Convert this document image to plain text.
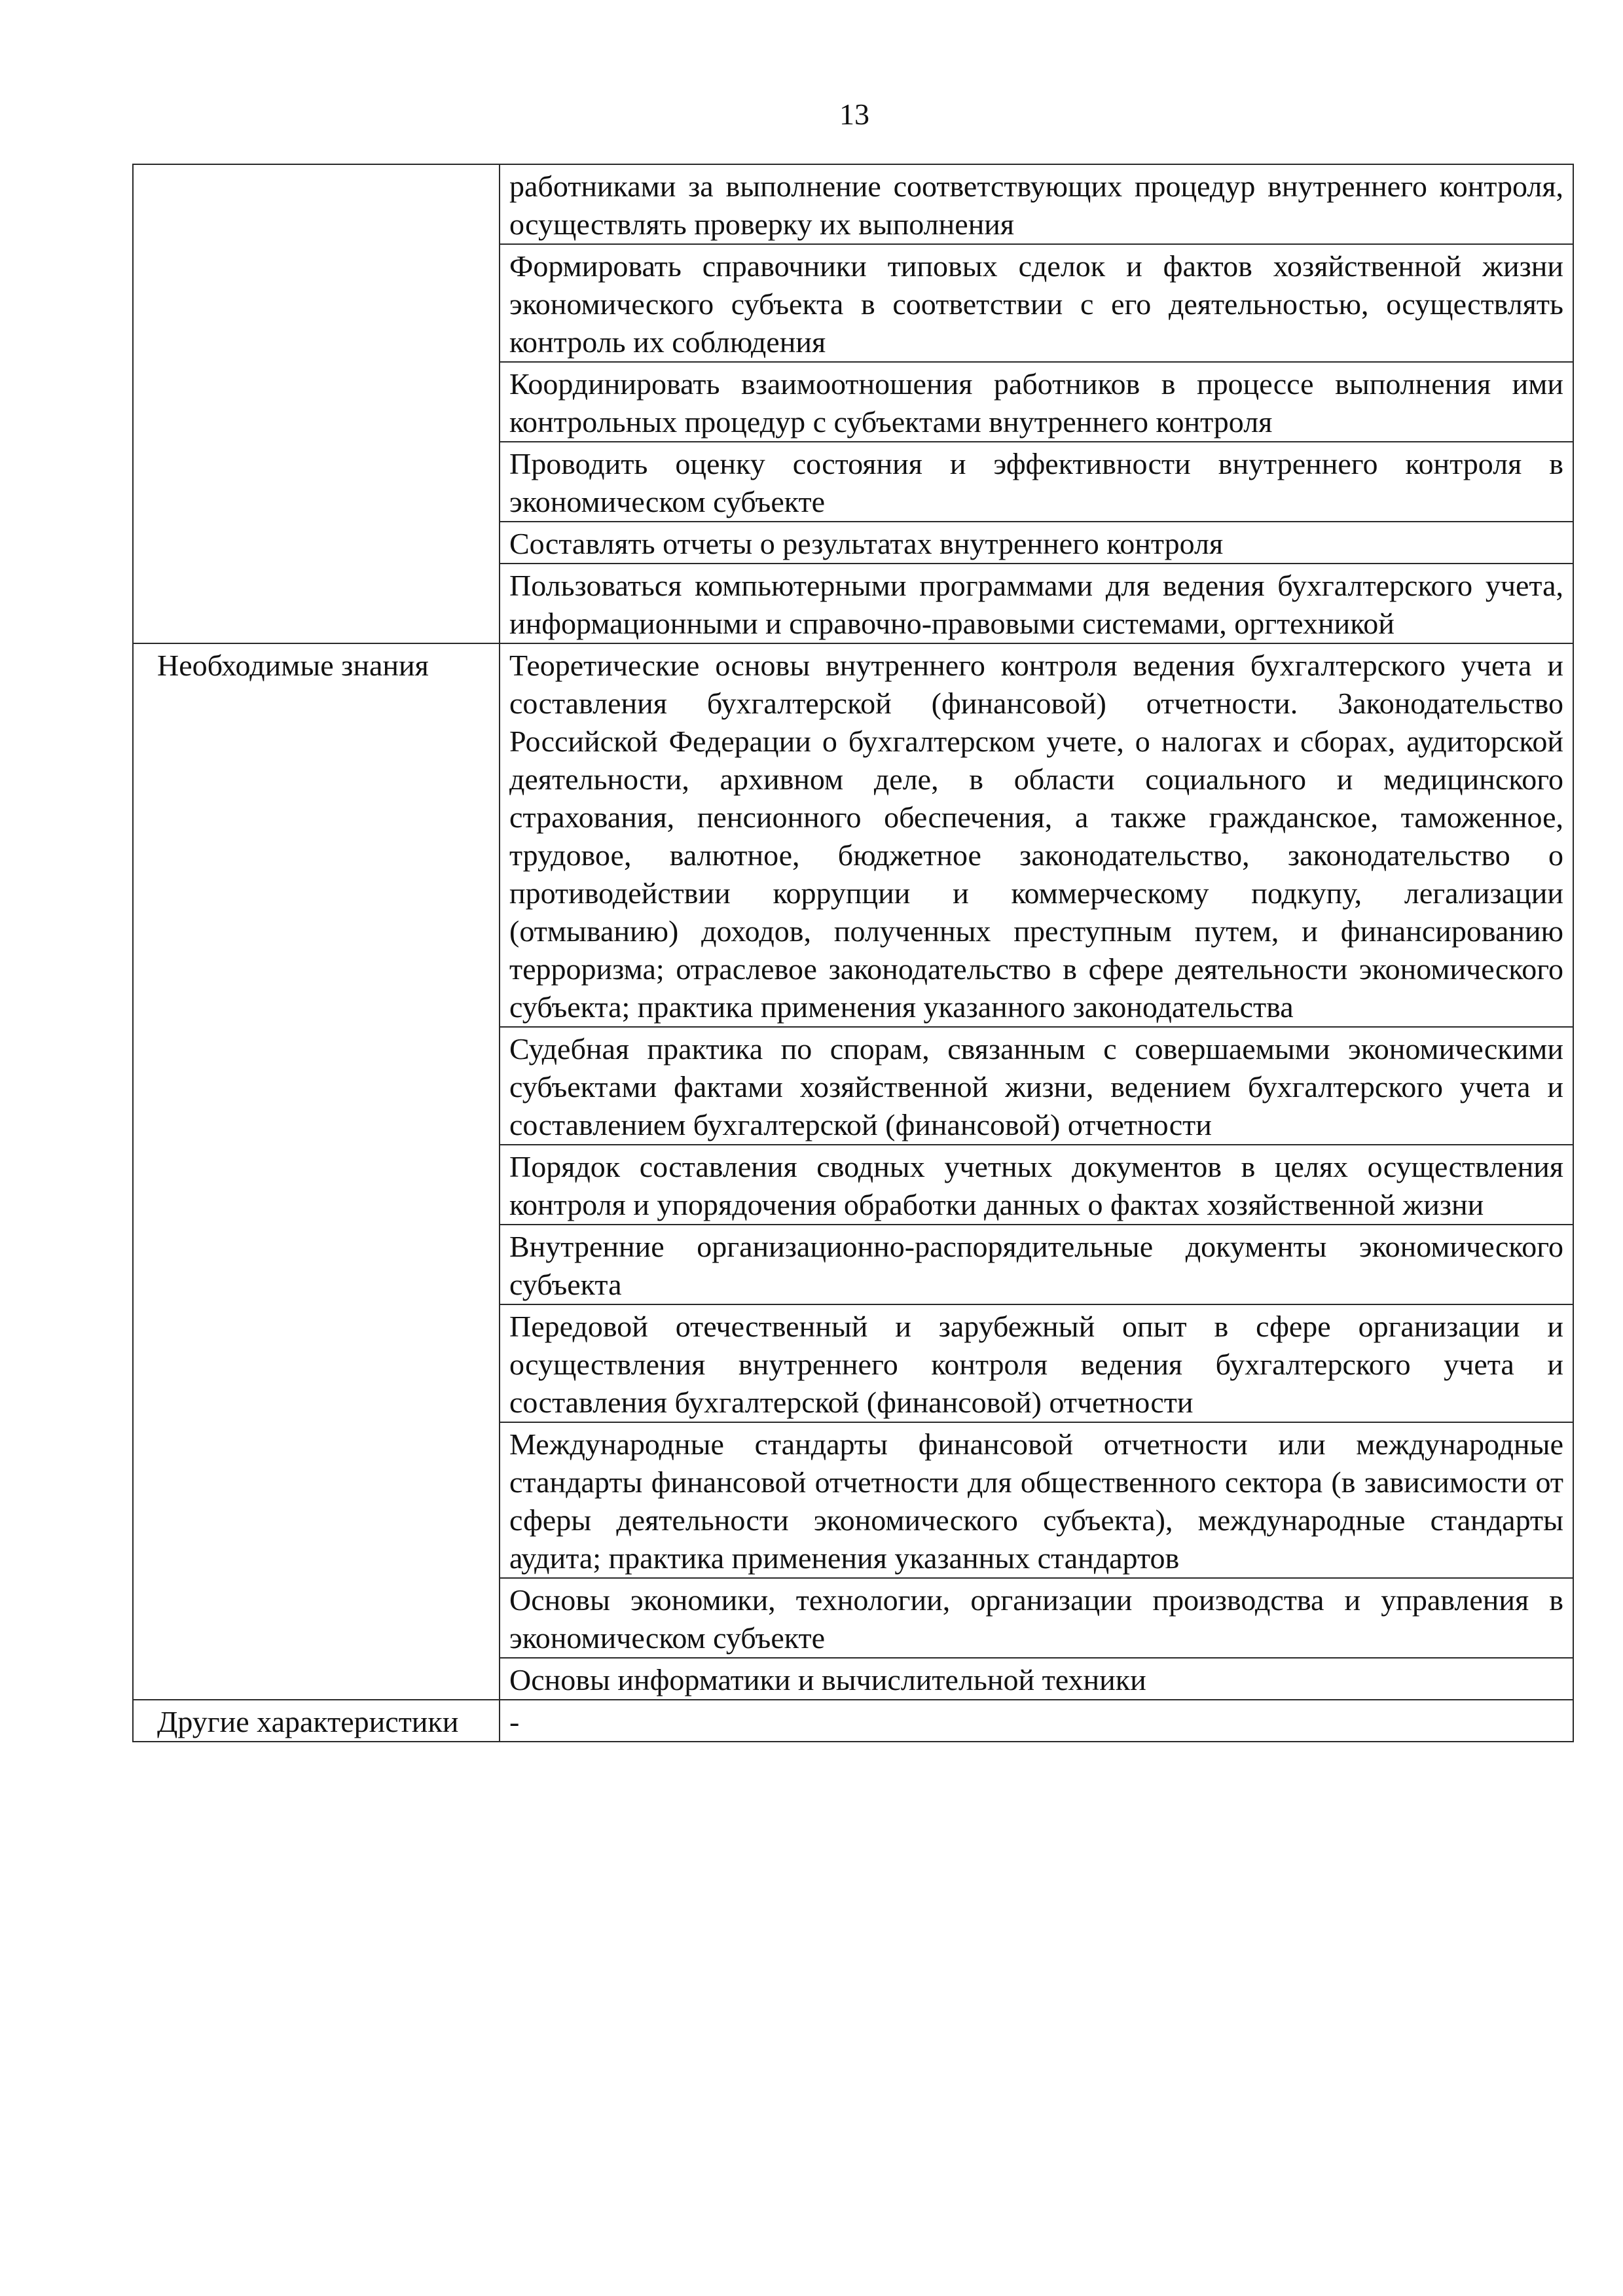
13
	работниками за выполнение соответствующих процедур внутреннего контроля, осуществлять проверку их выполнения
	Формировать справочники типовых сделок и фактов хозяйственной жизни экономического субъекта в соответствии с его деятельностью, осуществлять контроль их соблюдения
	Координировать взаимоотношения работников в процессе выполнения ими контрольных процедур с субъектами внутреннего контроля
	Проводить оценку состояния и эффективности внутреннего контроля в экономическом субъекте
	Составлять отчеты о результатах внутреннего контроля
	Пользоваться компьютерными программами для ведения бухгалтерского учета, информационными и справочно-правовыми системами, оргтехникой
Необходимые знания	Теоретические основы внутреннего контроля ведения бухгалтерского учета и составления бухгалтерской (финансовой) отчетности. Законодательство Российской Федерации о бухгалтерском учете, о налогах и сборах, аудиторской деятельности, архивном деле, в области социального и медицинского страхования, пенсионного обеспечения, а также гражданское, таможенное, трудовое, валютное, бюджетное законодательство, законодательство о противодействии коррупции и коммерческому подкупу, легализации (отмыванию) доходов, полученных преступным путем, и финансированию терроризма; отраслевое законодательство в сфере деятельности экономического субъекта; практика применения указанного законодательства
	Судебная практика по спорам, связанным с совершаемыми экономическими субъектами фактами хозяйственной жизни, ведением бухгалтерского учета и составлением бухгалтерской (финансовой) отчетности
	Порядок составления сводных учетных документов в целях осуществления контроля и упорядочения обработки данных о фактах хозяйственной жизни
	Внутренние организационно-распорядительные документы экономического субъекта
	Передовой отечественный и зарубежный опыт в сфере организации и осуществления внутреннего контроля ведения бухгалтерского учета и составления бухгалтерской (финансовой) отчетности
	Международные стандарты финансовой отчетности или международные стандарты финансовой отчетности для общественного сектора (в зависимости от сферы деятельности экономического субъекта), международные стандарты аудита; практика применения указанных стандартов
	Основы экономики, технологии, организации производства и управления в экономическом субъекте
	Основы информатики и вычислительной техники
Другие характеристики	-
